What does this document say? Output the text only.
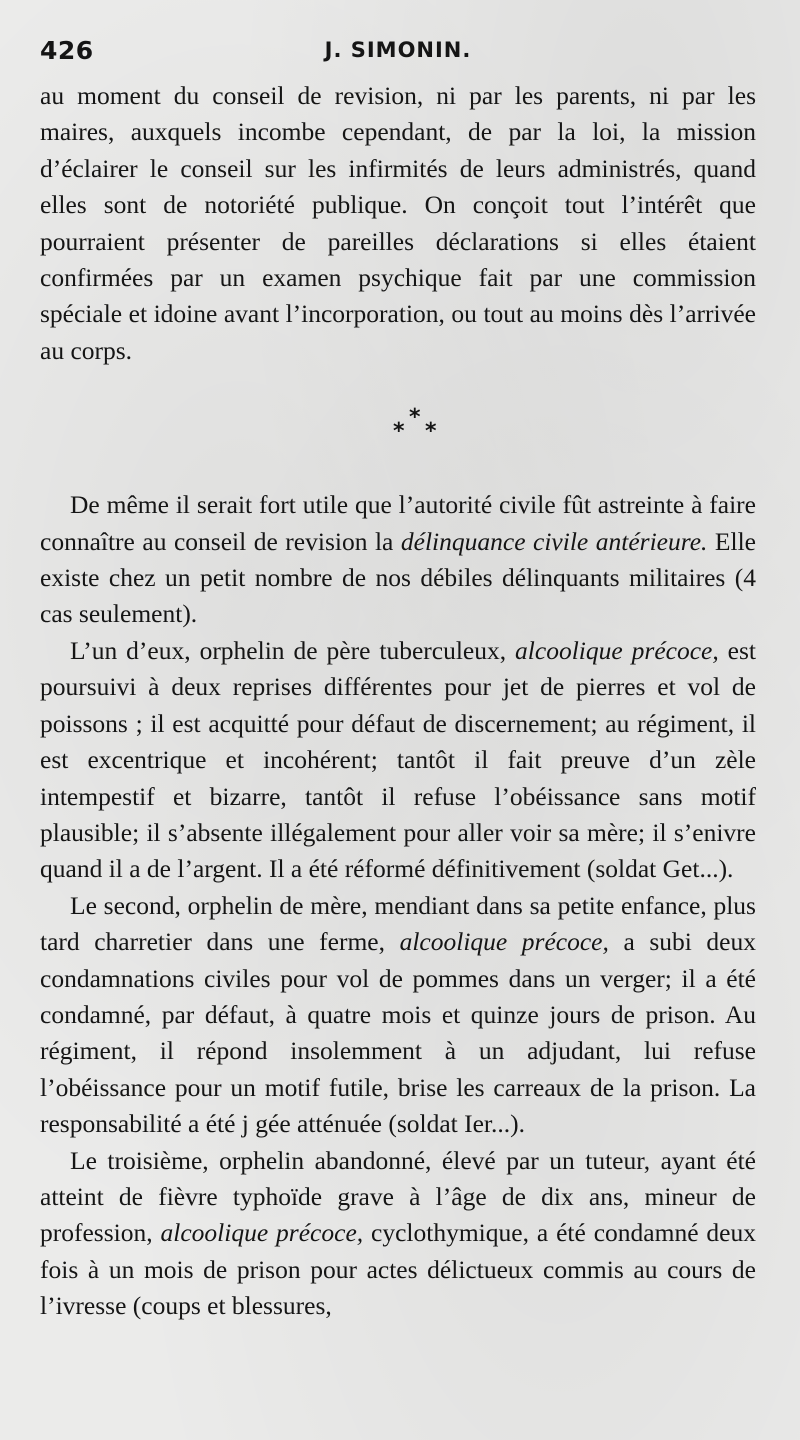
426	J. SIMONIN.

au moment du conseil de revision, ni par les parents, ni par les maires, auxquels incombe cependant, de par la loi, la mission d’éclairer le conseil sur les infirmités de leurs administrés, quand elles sont de notoriété publique. On conçoit tout l’intérêt que pourraient présenter de pareilles déclarations si elles étaient confirmées par un examen psychique fait par une commission spéciale et idoine avant l’incorporation, ou tout au moins dès l’arrivée au corps.

*
* *

De même il serait fort utile que l’autorité civile fût astreinte à faire connaître au conseil de revision la délinquance civile antérieure. Elle existe chez un petit nombre de nos débiles délinquants militaires (4 cas seulement).

L’un d’eux, orphelin de père tuberculeux, alcoolique précoce, est poursuivi à deux reprises différentes pour jet de pierres et vol de poissons ; il est acquitté pour défaut de discernement; au régiment, il est excentrique et incohérent; tantôt il fait preuve d’un zèle intempestif et bizarre, tantôt il refuse l’obéissance sans motif plausible; il s’absente illégalement pour aller voir sa mère; il s’enivre quand il a de l’argent. Il a été réformé définitivement (soldat Get...).

Le second, orphelin de mère, mendiant dans sa petite enfance, plus tard charretier dans une ferme, alcoolique précoce, a subi deux condamnations civiles pour vol de pommes dans un verger; il a été condamné, par défaut, à quatre mois et quinze jours de prison. Au régiment, il répond insolemment à un adjudant, lui refuse l’obéissance pour un motif futile, brise les carreaux de la prison. La responsabilité a été j gée atténuée (soldat Ier...).

Le troisième, orphelin abandonné, élevé par un tuteur, ayant été atteint de fièvre typhoïde grave à l’âge de dix ans, mineur de profession, alcoolique précoce, cyclothymique, a été condamné deux fois à un mois de prison pour actes délictueux commis au cours de l’ivresse (coups et blessures,
